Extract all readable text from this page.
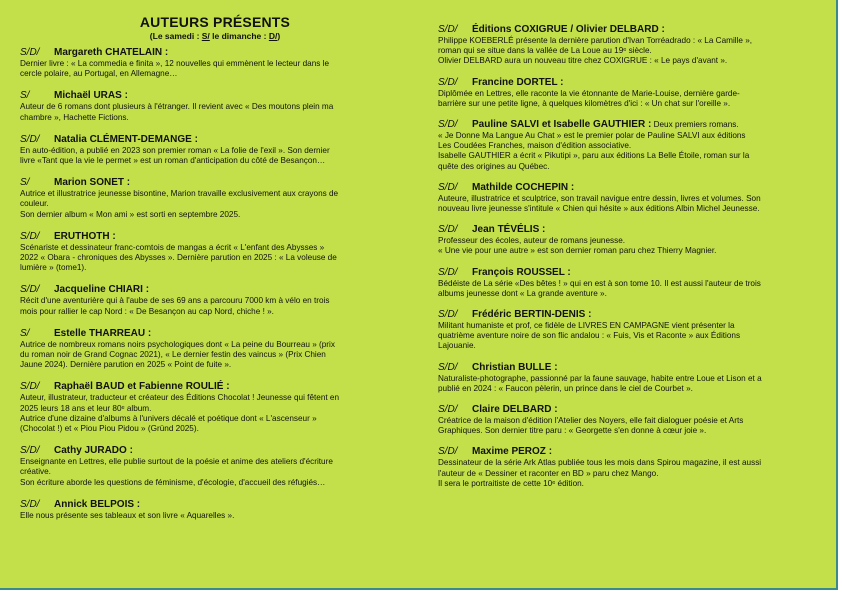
AUTEURS PRÉSENTS
(Le samedi : S/ le dimanche : D/)
S/D/ Margareth CHATELAIN :
Dernier livre : « La commedia e finita », 12 nouvelles qui emmènent le lecteur dans le
cercle polaire, au Portugal, en Allemagne…
S/ Michaël URAS :
Auteur de 6 romans dont plusieurs à l'étranger. Il revient avec « Des moutons plein ma
chambre », Hachette Fictions.
S/D/ Natalia CLÉMENT-DEMANGE :
En auto-édition, a publié en 2023 son premier roman « La folie de l'exil ». Son dernier
livre «Tant que la vie le permet » est un roman d'anticipation du côté de Besançon…
S/ Marion SONET :
Autrice et illustratrice jeunesse bisontine, Marion travaille exclusivement aux crayons de
couleur.
Son dernier album « Mon ami » est sorti en septembre 2025.
S/D/ ERUTHOTH :
Scénariste et dessinateur franc-comtois de mangas a écrit « L'enfant des Abysses »
2022 « Obara - chroniques des Abysses ». Dernière parution en 2025 : « La voleuse de
lumière » (tome1).
S/D/ Jacqueline CHIARI :
Récit d'une aventurière qui à l'aube de ses 69 ans a parcouru 7000 km à vélo en trois
mois pour rallier le cap Nord : « De Besançon au cap Nord, chiche ! ».
S/ Estelle THARREAU :
Autrice de nombreux romans noirs psychologiques dont « La peine du Bourreau » (prix
du roman noir de Grand Cognac 2021), « Le dernier festin des vaincus » (Prix Chien
Jaune 2024). Dernière parution en 2025 « Point de fuite ».
S/D/ Raphaël BAUD et Fabienne ROULIÉ :
Auteur, illustrateur, traducteur et créateur des Éditions Chocolat ! Jeunesse qui fêtent en
2025 leurs 18 ans et leur 80ᵉ album.
Autrice d'une dizaine d'albums à l'univers décalé et poétique dont « L'ascenseur »
(Chocolat !) et « Piou Piou Pidou » (Gründ 2025).
S/D/ Cathy JURADO :
Enseignante en Lettres, elle publie surtout de la poésie et anime des ateliers d'écriture
créative.
Son écriture aborde les questions de féminisme, d'écologie, d'accueil des réfugiés…
S/D/ Annick BELPOIS :
Elle nous présente ses tableaux et son livre « Aquarelles ».
S/D/ Éditions COXIGRUE / Olivier DELBARD :
Philippe KOEBERLÉ présente la dernière parution d'Ivan Torréadrado : « La Camille »,
roman qui se situe dans la vallée de La Loue au 19ᵉ siècle.
Olivier DELBARD aura un nouveau titre chez COXIGRUE : « Le pays d'avant ».
S/D/ Francine DORTEL :
Diplômée en Lettres, elle raconte la vie étonnante de Marie-Louise, dernière garde-
barrière sur une petite ligne, à quelques kilomètres d'ici : « Un chat sur l'oreille ».
S/D/ Pauline SALVI et Isabelle GAUTHIER : Deux premiers romans.
« Je Donne Ma Langue Au Chat » est le premier polar de Pauline SALVI aux éditions
Les Coudées Franches, maison d'édition associative.
Isabelle GAUTHIER a écrit « Pikutipi », paru aux éditions La Belle Étoile, roman sur la
quête des origines au Québec.
S/D/ Mathilde COCHEPIN :
Auteure, illustratrice et sculptrice, son travail navigue entre dessin, livres et volumes. Son
nouveau livre jeunesse s'intitule « Chien qui hésite » aux éditions Albin Michel Jeunesse.
S/D/ Jean TÉVÉLIS :
Professeur des écoles, auteur de romans jeunesse.
« Une vie pour une autre » est son dernier roman paru chez Thierry Magnier.
S/D/ François ROUSSEL :
Bédéiste de La série «Des bêtes ! » qui en est à son tome 10. Il est aussi l'auteur de trois
albums jeunesse dont « La grande aventure ».
S/D/ Frédéric BERTIN-DENIS :
Militant humaniste et prof, ce fidèle de LIVRES EN CAMPAGNE vient présenter la
quatrième aventure noire de son flic andalou : « Fuis, Vis et Raconte » aux Éditions
Lajouanie.
S/D/ Christian BULLE :
Naturaliste-photographe, passionné par la faune sauvage, habite entre Loue et Lison et a
publié en 2024 : « Faucon pèlerin, un prince dans le ciel de Courbet ».
S/D/ Claire DELBARD :
Créatrice de la maison d'édition l'Atelier des Noyers, elle fait dialoguer poésie et Arts
Graphiques. Son dernier titre paru : « Georgette s'en donne à cœur joie ».
S/D/ Maxime PEROZ :
Dessinateur de la série Ark Atlas publiée tous les mois dans Spirou magazine, il est aussi
l'auteur de « Dessiner et raconter en BD » paru chez Mango.
Il sera le portraitiste de cette 10ᵉ édition.
